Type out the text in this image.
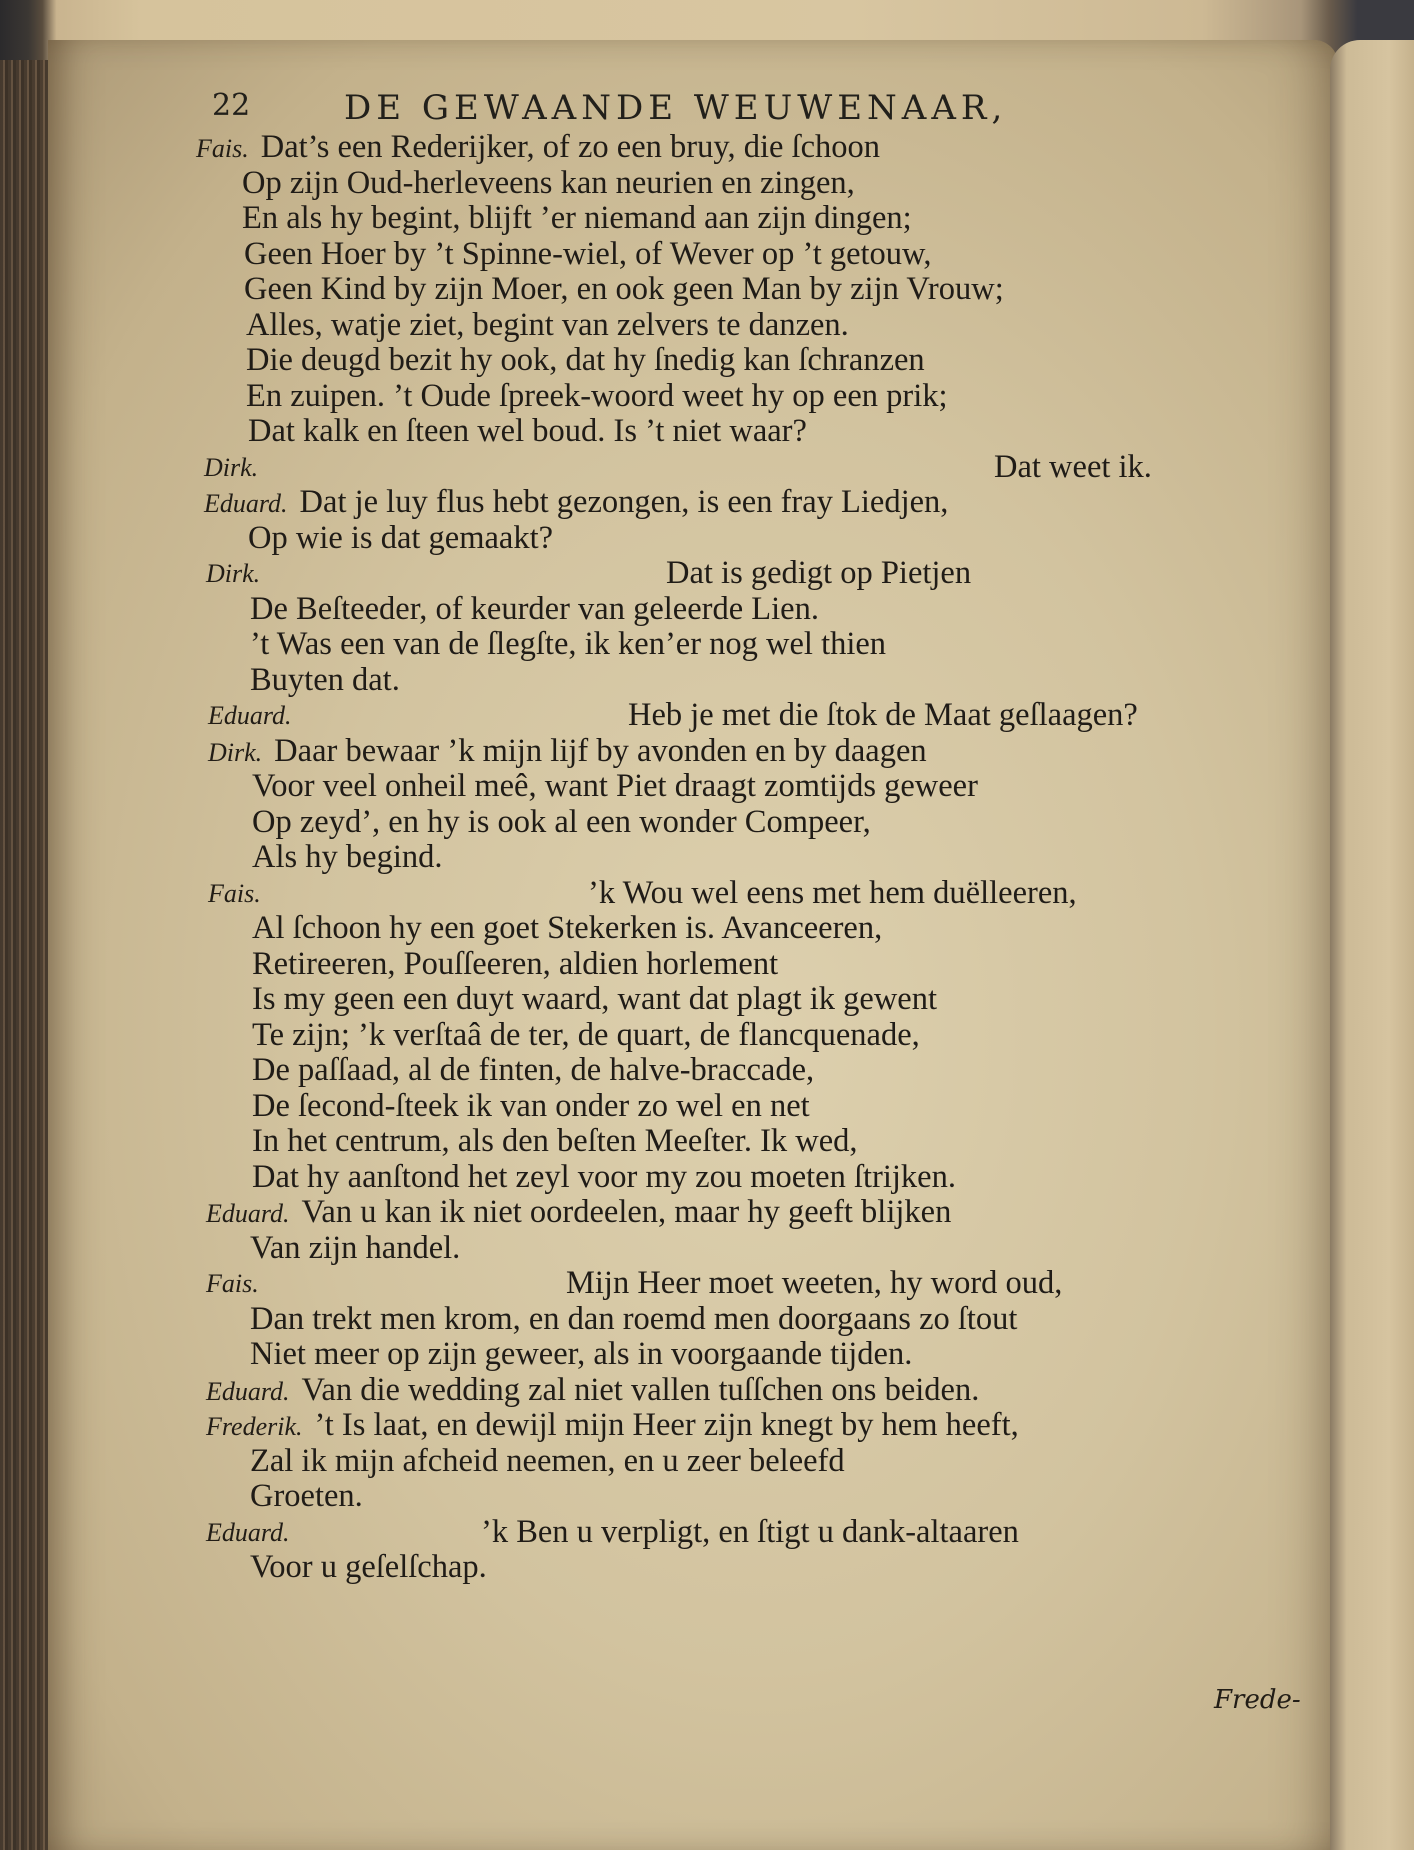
22	DE GEWAANDE WEUWENAAR,
Fais. Dat’s een Rederijker, of zo een bruy, die ſchoon
Op zijn Oud-herleveens kan neurien en zingen,
En als hy begint, blijft ’er niemand aan zijn dingen;
Geen Hoer by ’t Spinne-wiel, of Wever op ’t getouw,
Geen Kind by zijn Moer, en ook geen Man by zijn Vrouw;
Alles, watje ziet, begint van zelvers te danzen.
Die deugd bezit hy ook, dat hy ſnedig kan ſchranzen
En zuipen. ’t Oude ſpreek-woord weet hy op een prik;
Dat kalk en ſteen wel boud. Is ’t niet waar?
Dirk.	Dat weet ik.
Eduard. Dat je luy flus hebt gezongen, is een fray Liedjen,
Op wie is dat gemaakt?
Dirk.	Dat is gedigt op Pietjen
De Beſteeder, of keurder van geleerde Lien.
’t Was een van de ſlegſte, ik ken’er nog wel thien
Buyten dat.
Eduard.	Heb je met die ſtok de Maat geſlaagen?
Dirk. Daar bewaar ’k mijn lijf by avonden en by daagen
Voor veel onheil meê, want Piet draagt zomtijds geweer
Op zeyd’, en hy is ook al een wonder Compeer,
Als hy begind.
Fais.	’k Wou wel eens met hem duëlleeren,
Al ſchoon hy een goet Stekerken is. Avanceeren,
Retireeren, Pouſſeeren, aldien horlement
Is my geen een duyt waard, want dat plagt ik gewent
Te zijn; ’k verſtaâ de ter, de quart, de flancquenade,
De paſſaad, al de finten, de halve-braccade,
De ſecond-ſteek ik van onder zo wel en net
In het centrum, als den beſten Meeſter. Ik wed,
Dat hy aanſtond het zeyl voor my zou moeten ſtrijken.
Eduard. Van u kan ik niet oordeelen, maar hy geeft blijken
Van zijn handel.
Fais.	Mijn Heer moet weeten, hy word oud,
Dan trekt men krom, en dan roemd men doorgaans zo ſtout
Niet meer op zijn geweer, als in voorgaande tijden.
Eduard. Van die wedding zal niet vallen tuſſchen ons beiden.
Frederik. ’t Is laat, en dewijl mijn Heer zijn knegt by hem heeft,
Zal ik mijn afcheid neemen, en u zeer beleefd
Groeten.
Eduard.	’k Ben u verpligt, en ſtigt u dank-altaaren
Voor u geſelſchap.
Frede-
